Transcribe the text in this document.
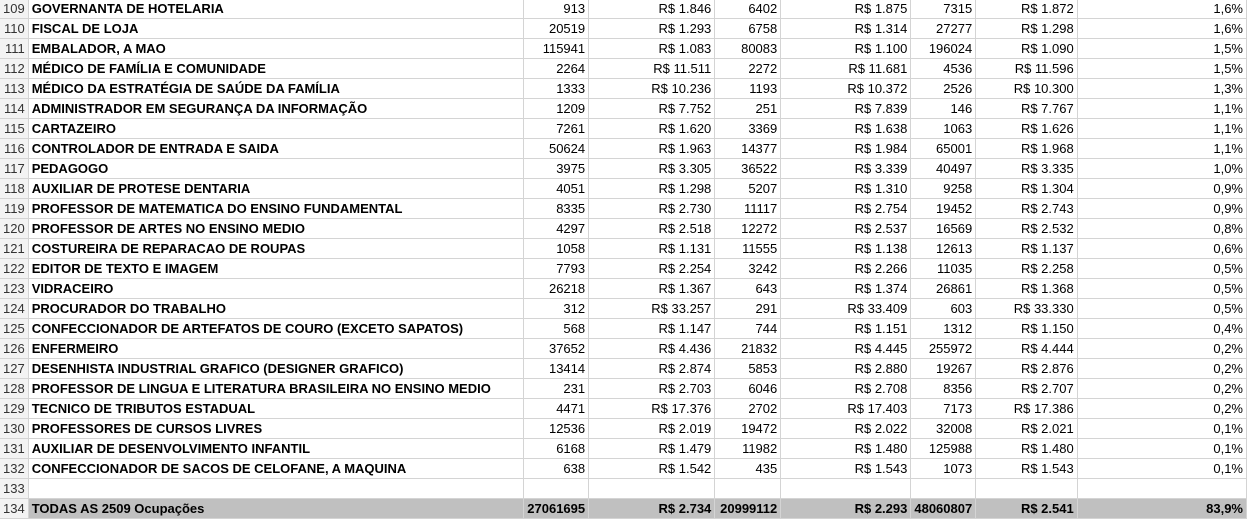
109	GOVERNANTA DE HOTELARIA	913	R$ 1.846	6402	R$ 1.875	7315	R$ 1.872	1,6%
110	FISCAL DE LOJA	20519	R$ 1.293	6758	R$ 1.314	27277	R$ 1.298	1,6%
111	EMBALADOR, A MAO	115941	R$ 1.083	80083	R$ 1.100	196024	R$ 1.090	1,5%
112	MÉDICO DE FAMÍLIA E COMUNIDADE	2264	R$ 11.511	2272	R$ 11.681	4536	R$ 11.596	1,5%
113	MÉDICO DA ESTRATÉGIA DE SAÚDE DA FAMÍLIA	1333	R$ 10.236	1193	R$ 10.372	2526	R$ 10.300	1,3%
114	ADMINISTRADOR EM SEGURANÇA DA INFORMAÇÃO	1209	R$ 7.752	251	R$ 7.839	146	R$ 7.767	1,1%
115	CARTAZEIRO	7261	R$ 1.620	3369	R$ 1.638	1063	R$ 1.626	1,1%
116	CONTROLADOR DE ENTRADA E SAIDA	50624	R$ 1.963	14377	R$ 1.984	65001	R$ 1.968	1,1%
117	PEDAGOGO	3975	R$ 3.305	36522	R$ 3.339	40497	R$ 3.335	1,0%
118	AUXILIAR DE PROTESE DENTARIA	4051	R$ 1.298	5207	R$ 1.310	9258	R$ 1.304	0,9%
119	PROFESSOR DE MATEMATICA DO ENSINO FUNDAMENTAL	8335	R$ 2.730	11117	R$ 2.754	19452	R$ 2.743	0,9%
120	PROFESSOR DE ARTES NO ENSINO MEDIO	4297	R$ 2.518	12272	R$ 2.537	16569	R$ 2.532	0,8%
121	COSTUREIRA DE REPARACAO DE ROUPAS	1058	R$ 1.131	11555	R$ 1.138	12613	R$ 1.137	0,6%
122	EDITOR DE TEXTO E IMAGEM	7793	R$ 2.254	3242	R$ 2.266	11035	R$ 2.258	0,5%
123	VIDRACEIRO	26218	R$ 1.367	643	R$ 1.374	26861	R$ 1.368	0,5%
124	PROCURADOR DO TRABALHO	312	R$ 33.257	291	R$ 33.409	603	R$ 33.330	0,5%
125	CONFECCIONADOR DE ARTEFATOS DE COURO (EXCETO SAPATOS)	568	R$ 1.147	744	R$ 1.151	1312	R$ 1.150	0,4%
126	ENFERMEIRO	37652	R$ 4.436	21832	R$ 4.445	255972	R$ 4.444	0,2%
127	DESENHISTA INDUSTRIAL GRAFICO (DESIGNER GRAFICO)	13414	R$ 2.874	5853	R$ 2.880	19267	R$ 2.876	0,2%
128	PROFESSOR DE LINGUA E LITERATURA BRASILEIRA NO ENSINO MEDIO	231	R$ 2.703	6046	R$ 2.708	8356	R$ 2.707	0,2%
129	TECNICO DE TRIBUTOS ESTADUAL	4471	R$ 17.376	2702	R$ 17.403	7173	R$ 17.386	0,2%
130	PROFESSORES DE CURSOS LIVRES	12536	R$ 2.019	19472	R$ 2.022	32008	R$ 2.021	0,1%
131	AUXILIAR DE DESENVOLVIMENTO INFANTIL	6168	R$ 1.479	11982	R$ 1.480	125988	R$ 1.480	0,1%
132	CONFECCIONADOR DE SACOS DE CELOFANE, A MAQUINA	638	R$ 1.542	435	R$ 1.543	1073	R$ 1.543	0,1%
133								
134	TODAS AS 2509 Ocupações	27061695	R$ 2.734	20999112	R$ 2.293	48060807	R$ 2.541	83,9%
